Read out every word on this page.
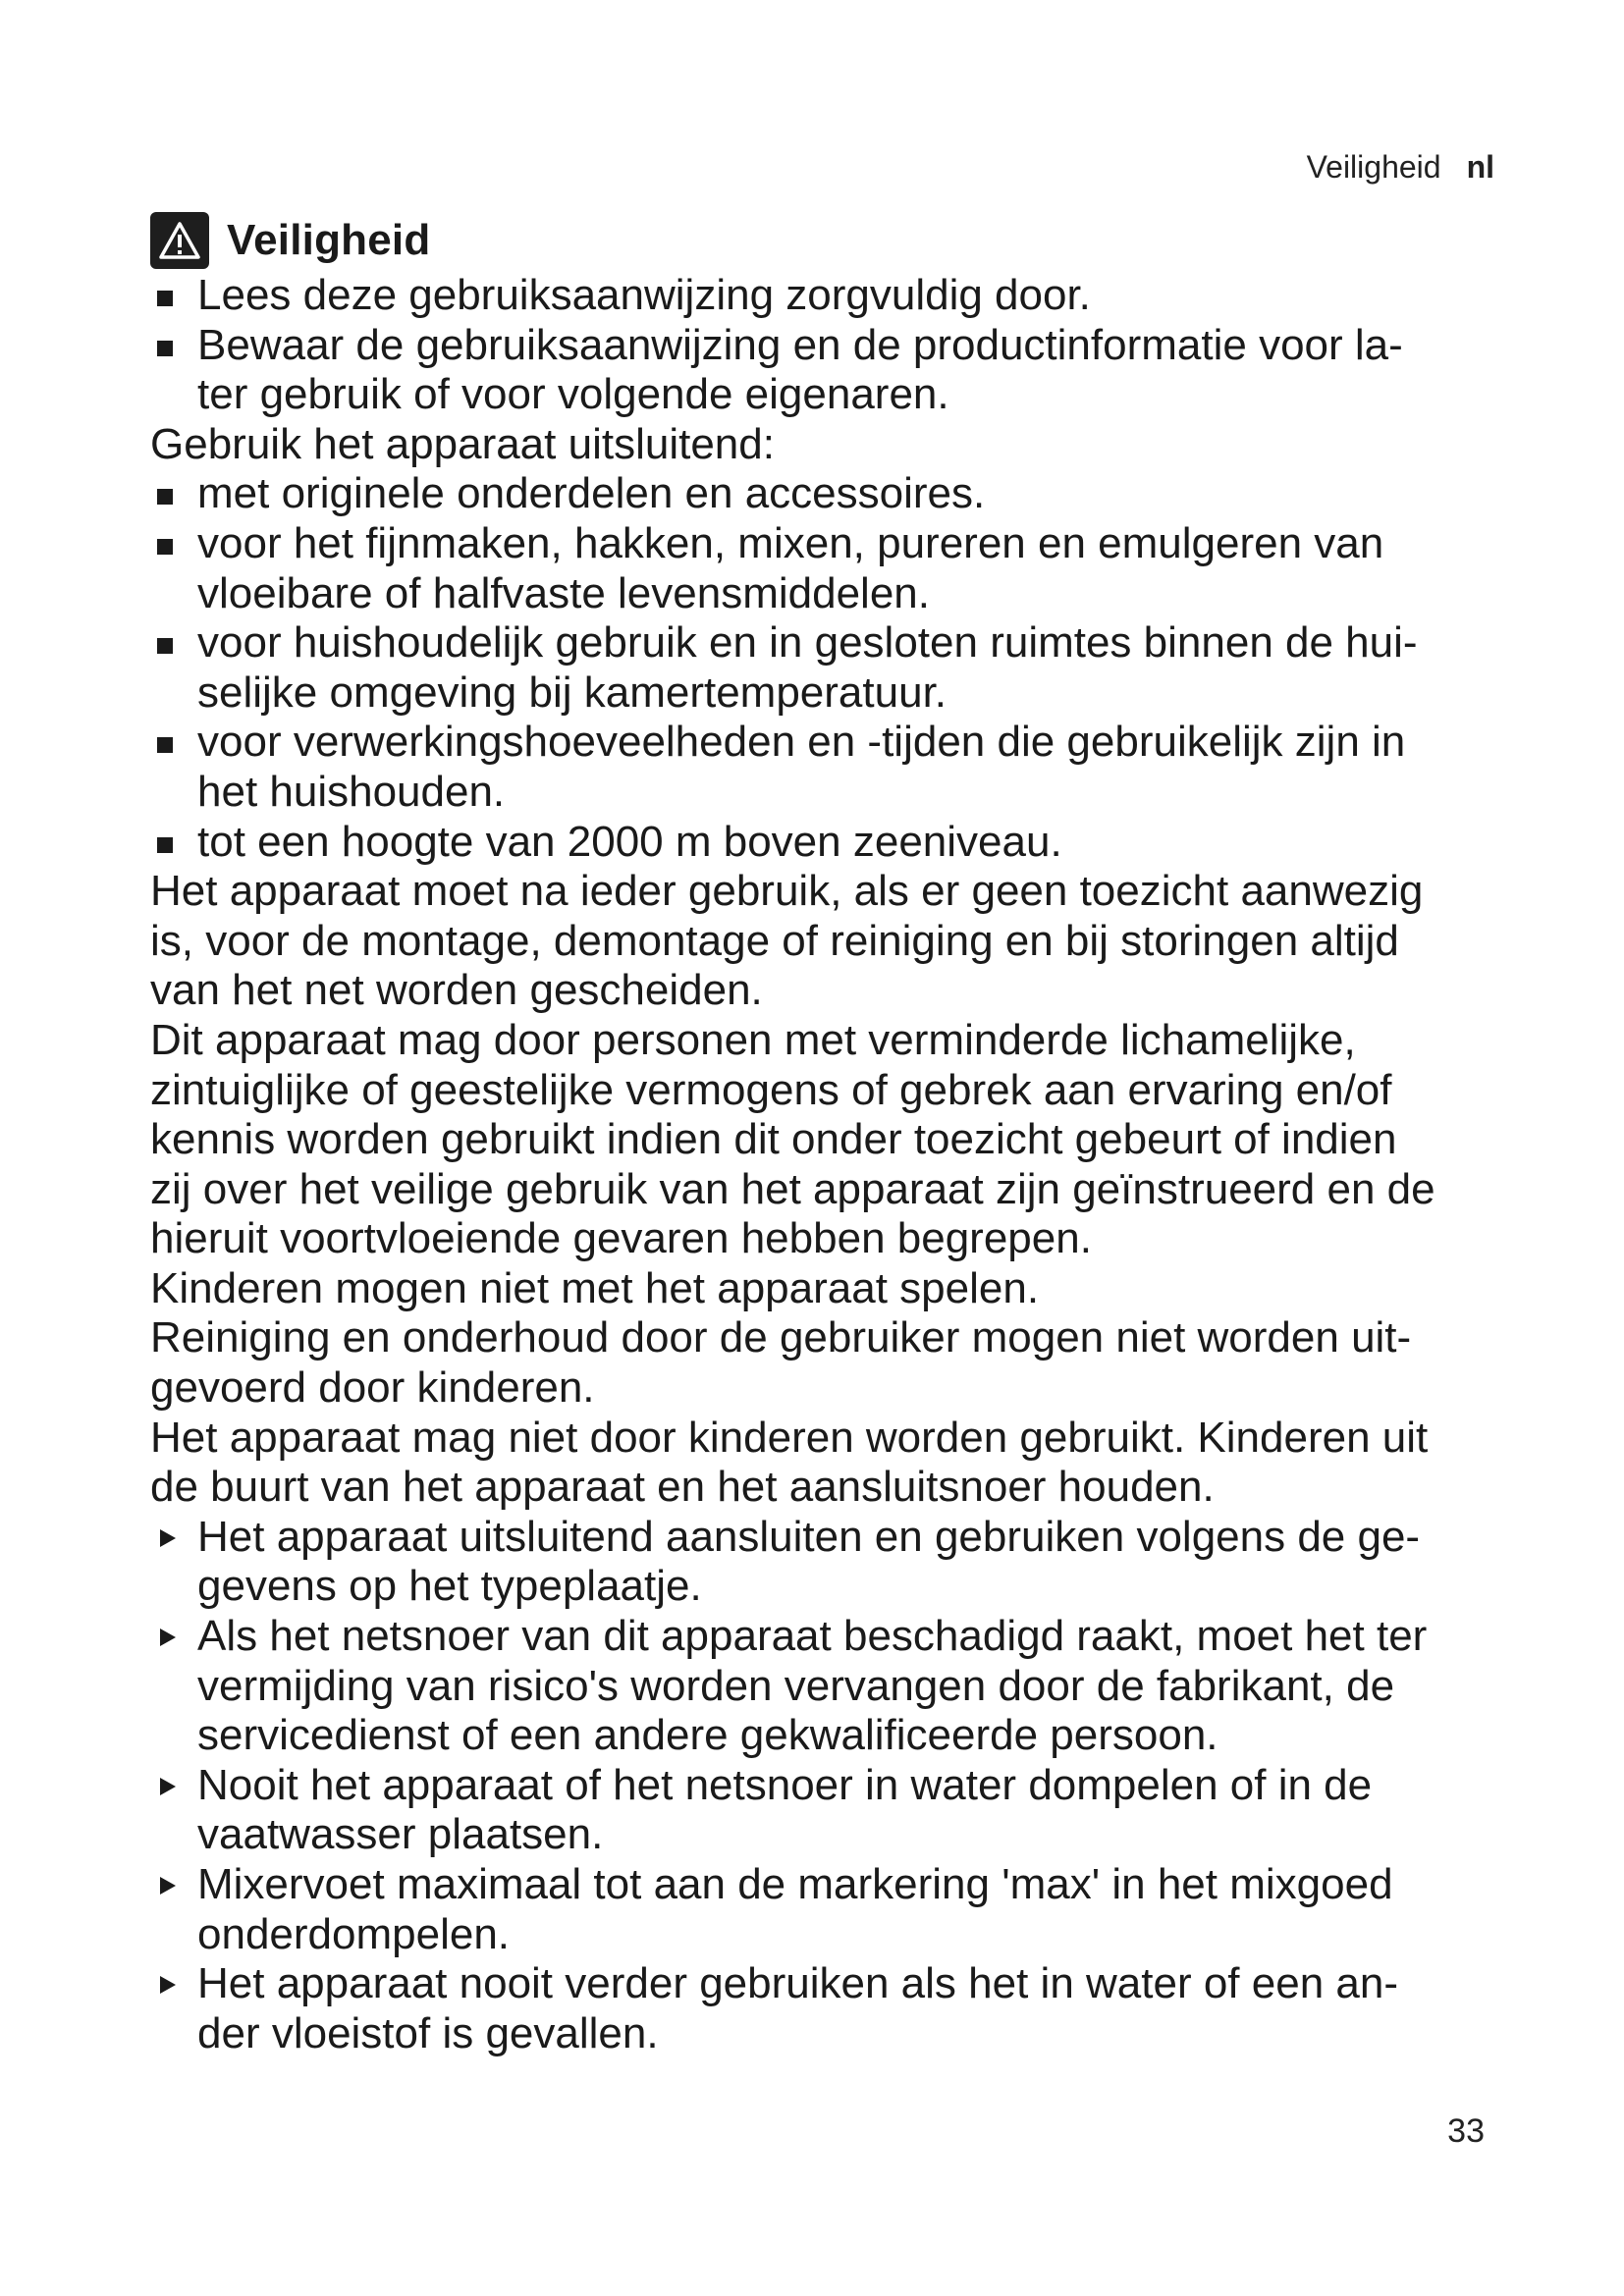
Veiligheid nl
Veiligheid
Lees deze gebruiksaanwijzing zorgvuldig door.
Bewaar de gebruiksaanwijzing en de productinformatie voor la-
ter gebruik of voor volgende eigenaren.
Gebruik het apparaat uitsluitend:
met originele onderdelen en accessoires.
voor het fijnmaken, hakken, mixen, pureren en emulgeren van
vloeibare of halfvaste levensmiddelen.
voor huishoudelijk gebruik en in gesloten ruimtes binnen de hui-
selijke omgeving bij kamertemperatuur.
voor verwerkingshoeveelheden en -tijden die gebruikelijk zijn in
het huishouden.
tot een hoogte van 2000 m boven zeeniveau.
Het apparaat moet na ieder gebruik, als er geen toezicht aanwezig
is, voor de montage, demontage of reiniging en bij storingen altijd
van het net worden gescheiden.
Dit apparaat mag door personen met verminderde lichamelijke,
zintuiglijke of geestelijke vermogens of gebrek aan ervaring en/of
kennis worden gebruikt indien dit onder toezicht gebeurt of indien
zij over het veilige gebruik van het apparaat zijn geïnstrueerd en de
hieruit voortvloeiende gevaren hebben begrepen.
Kinderen mogen niet met het apparaat spelen.
Reiniging en onderhoud door de gebruiker mogen niet worden uit-
gevoerd door kinderen.
Het apparaat mag niet door kinderen worden gebruikt. Kinderen uit
de buurt van het apparaat en het aansluitsnoer houden.
Het apparaat uitsluitend aansluiten en gebruiken volgens de ge-
gevens op het typeplaatje.
Als het netsnoer van dit apparaat beschadigd raakt, moet het ter
vermijding van risico's worden vervangen door de fabrikant, de
servicedienst of een andere gekwalificeerde persoon.
Nooit het apparaat of het netsnoer in water dompelen of in de
vaatwasser plaatsen.
Mixervoet maximaal tot aan de markering 'max' in het mixgoed
onderdompelen.
Het apparaat nooit verder gebruiken als het in water of een an-
der vloeistof is gevallen.
33
